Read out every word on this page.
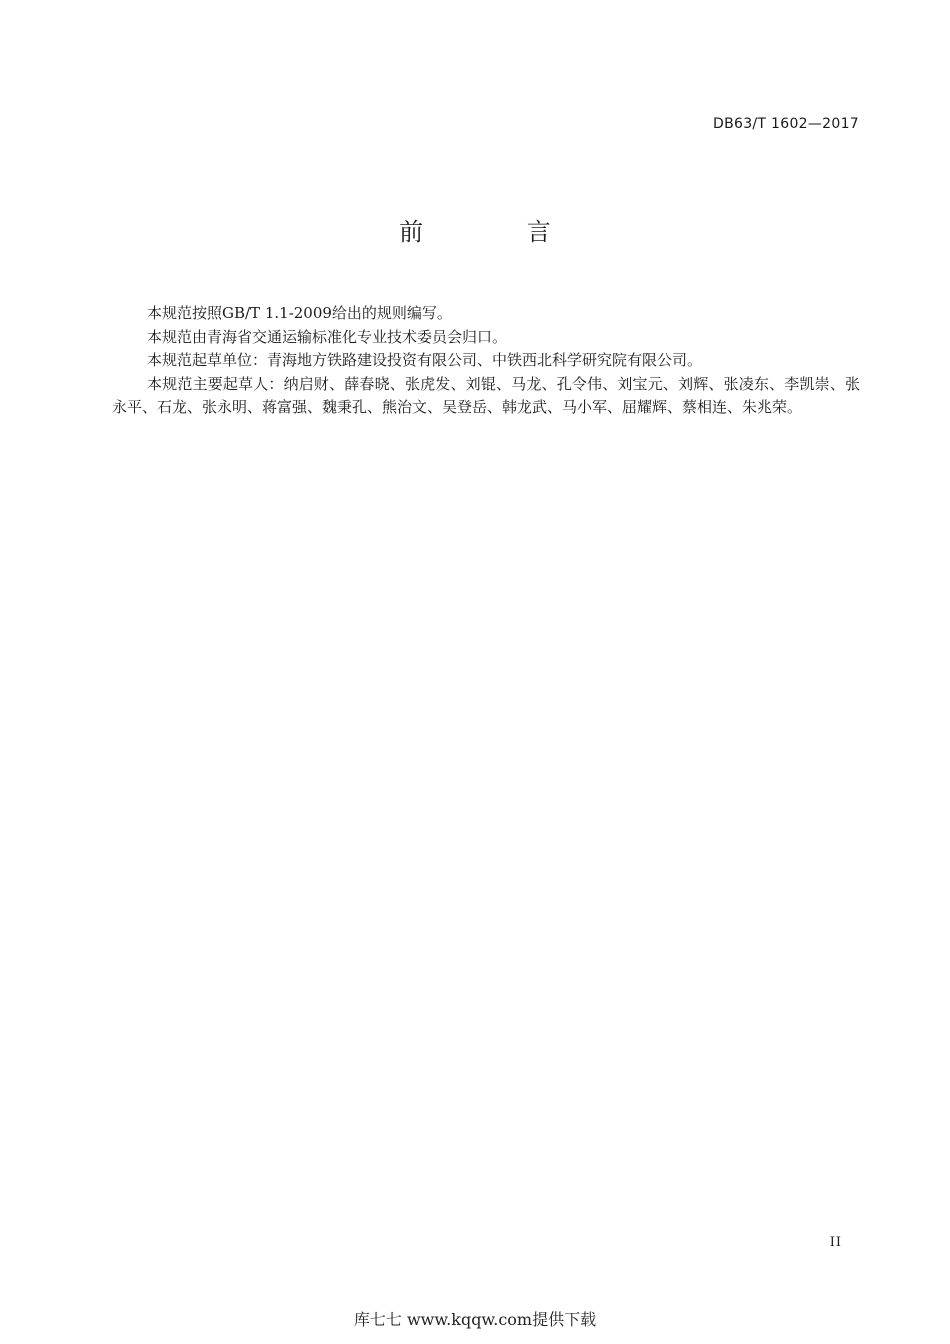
DB63/T 1602—2017
前 言

本规范按照GB/T 1.1-2009给出的规则编写。

本规范由青海省交通运输标准化专业技术委员会归口。

本规范起草单位：青海地方铁路建设投资有限公司、中铁西北科学研究院有限公司。

本规范主要起草人：纳启财、薛春晓、张虎发、刘锟、马龙、孔令伟、刘宝元、刘辉、张凌东、李凯崇、张永平、石龙、张永明、蒋富强、魏秉孔、熊治文、吴登岳、韩龙武、马小军、屈耀辉、蔡相连、朱兆荣。

II
库七七 www.kqqw.com提供下载
